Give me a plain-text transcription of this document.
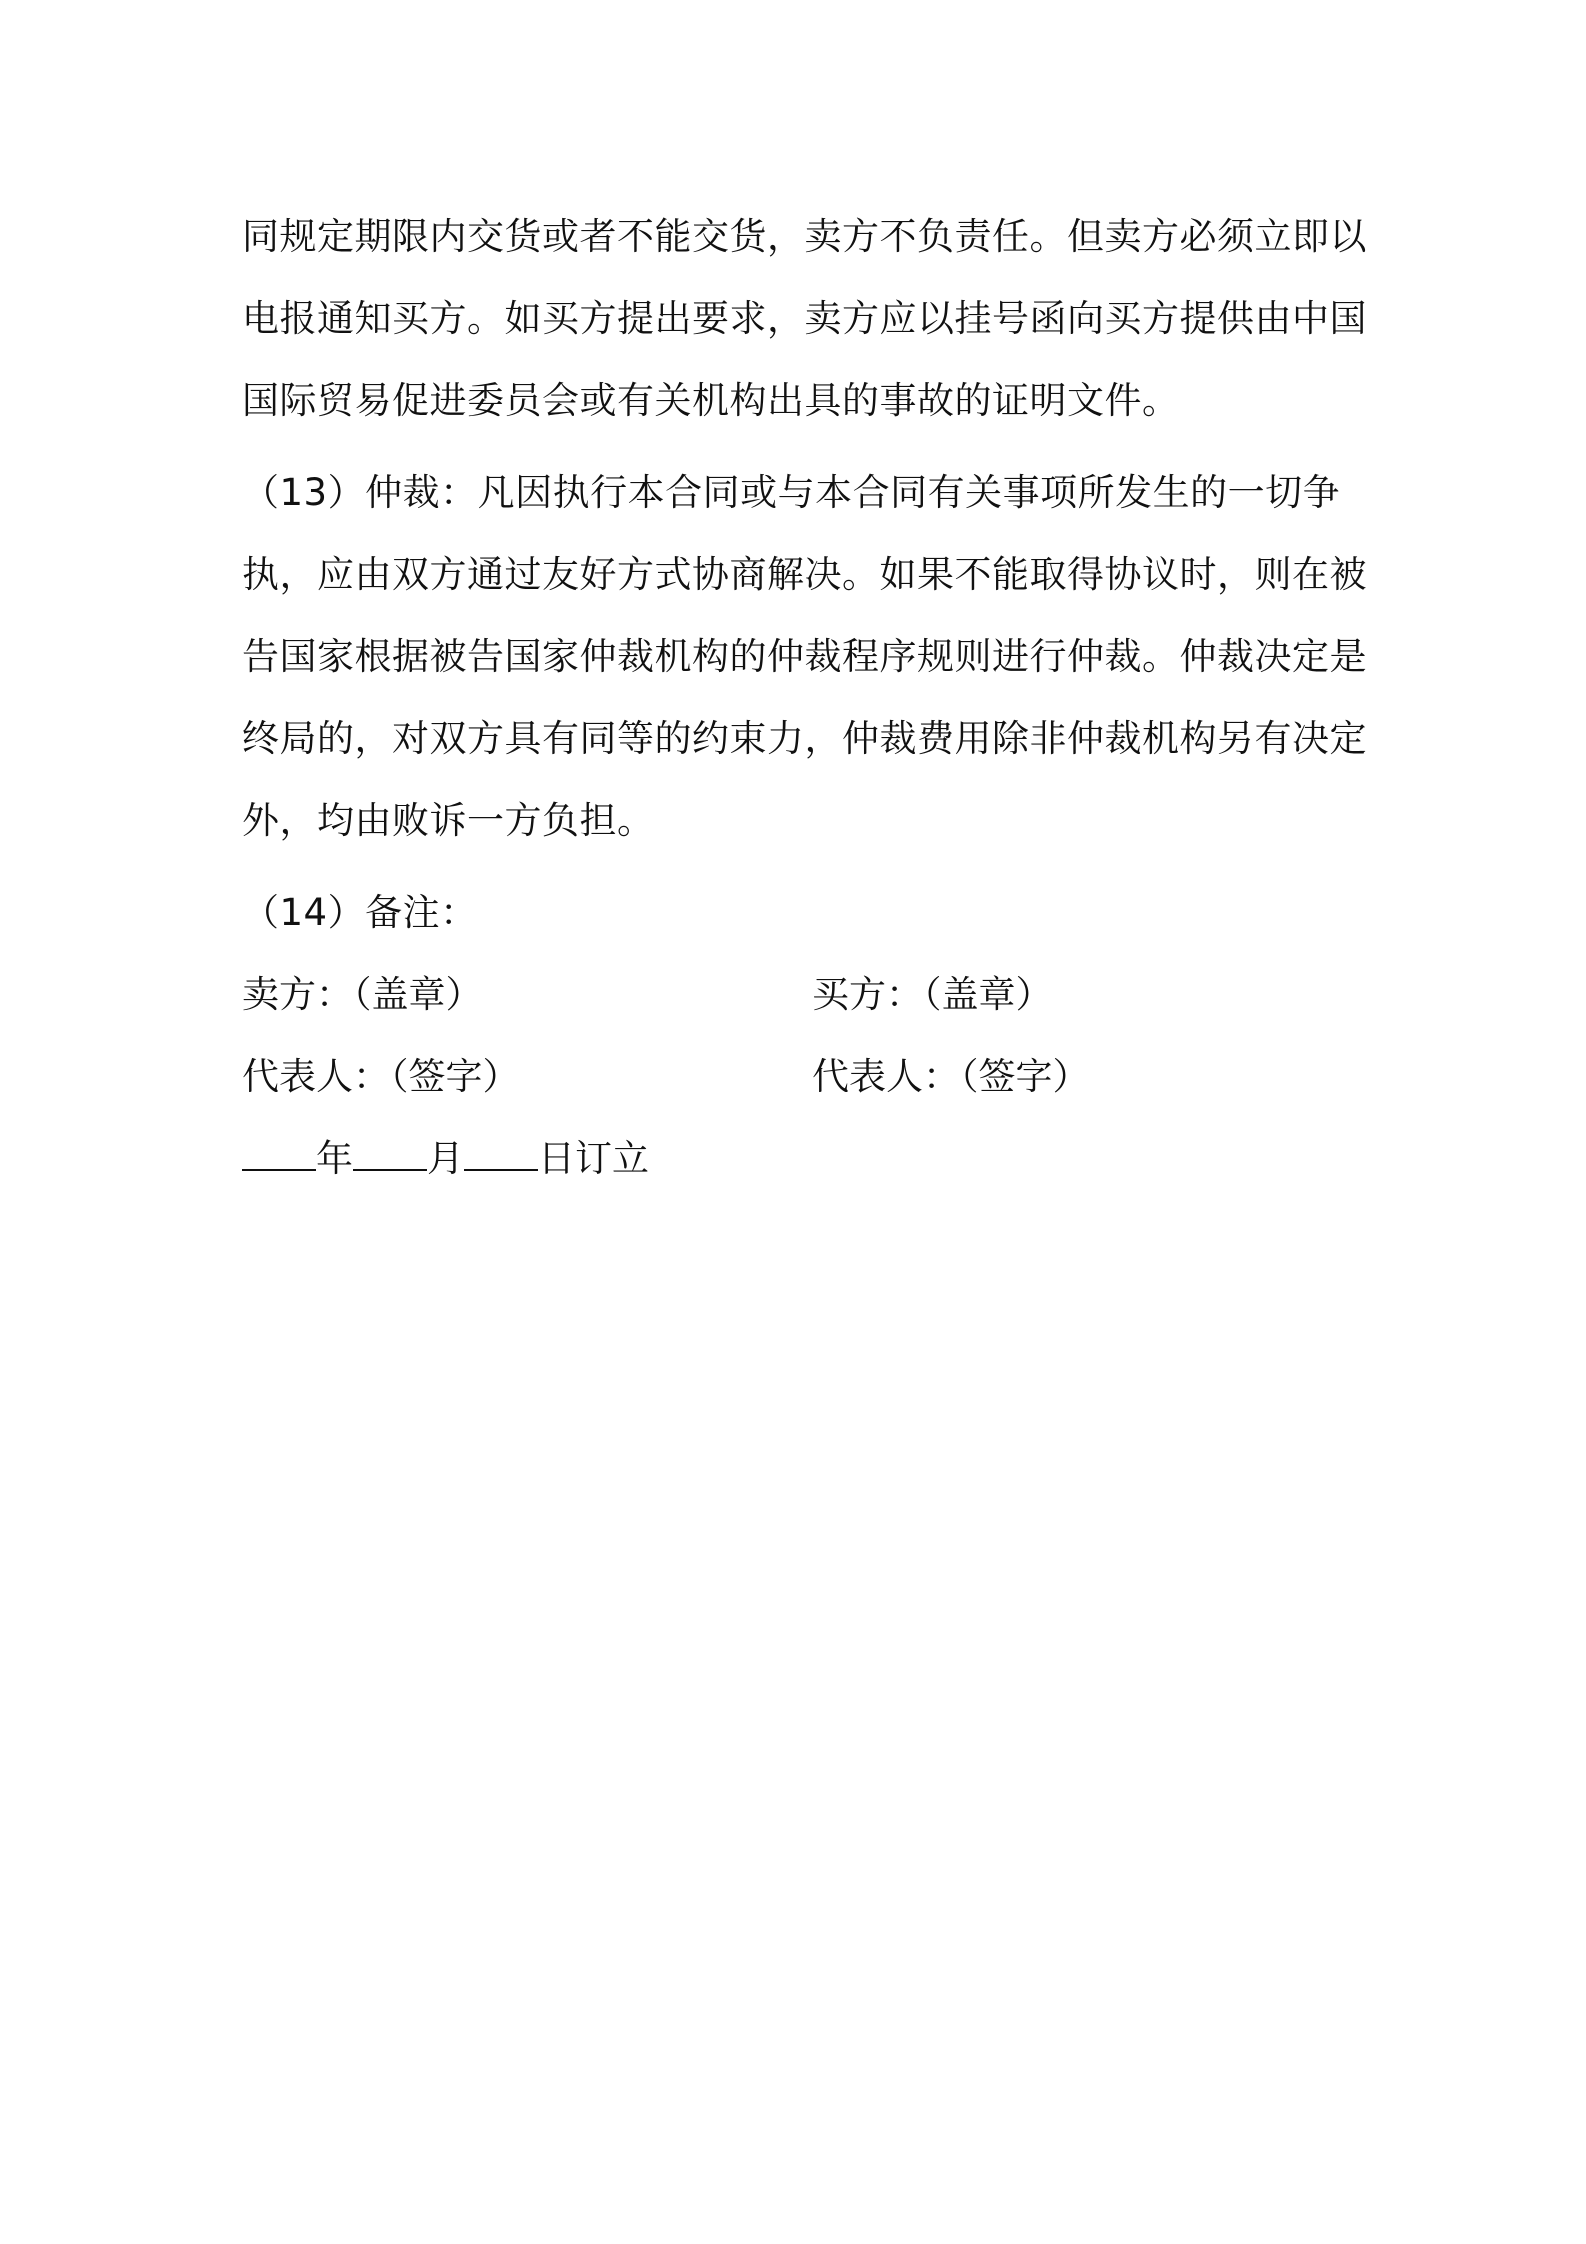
同规定期限内交货或者不能交货，卖方不负责任。但卖方必须立即以
电报通知买方。如买方提出要求，卖方应以挂号函向买方提供由中国
国际贸易促进委员会或有关机构出具的事故的证明文件。
（13）仲裁：凡因执行本合同或与本合同有关事项所发生的一切争
执，应由双方通过友好方式协商解决。如果不能取得协议时，则在被
告国家根据被告国家仲裁机构的仲裁程序规则进行仲裁。仲裁决定是
终局的，对双方具有同等的约束力，仲裁费用除非仲裁机构另有决定
外，均由败诉一方负担。
（14）备注：
卖方：（盖章）	买方：（盖章）
代表人：（签字）	代表人：（签字）
年 月 日订立
